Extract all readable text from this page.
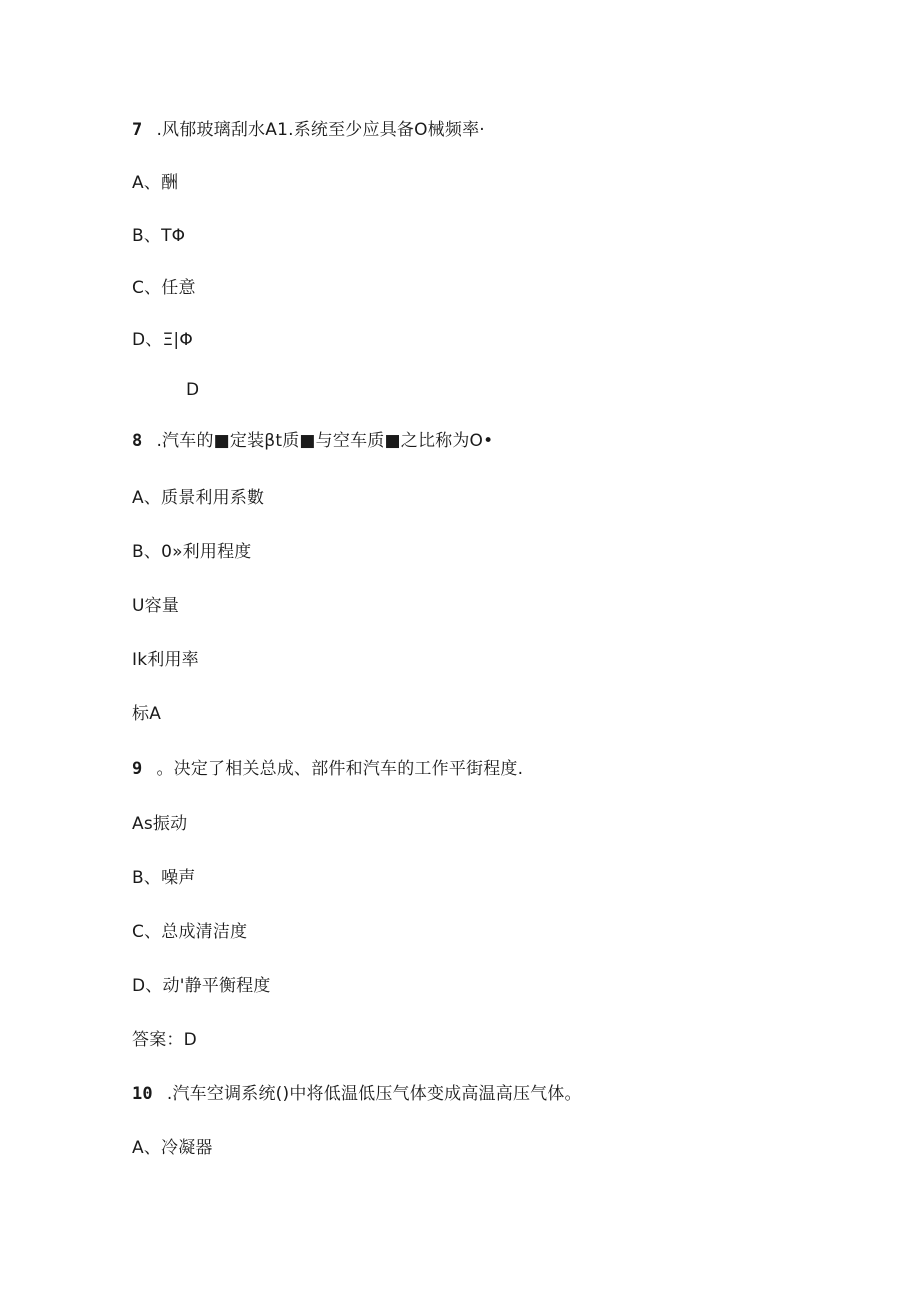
7 .风郁玻璃刮水A1.系统至少应具备O械频率·
A、酬
B、TΦ
C、任意
D、Ξ|Φ
D
8 .汽车的■定装βt质■与空车质■之比称为O•
A、质景利用系數
B、0»利用程度
U容量
Ik利用率
标A
9 。决定了相关总成、部件和汽车的工作平街程度.
As振动
B、噪声
C、总成清洁度
D、动'静平衡程度
答案：D
10 .汽车空调系统()中将低温低压气体变成高温高压气体。
A、冷凝器
